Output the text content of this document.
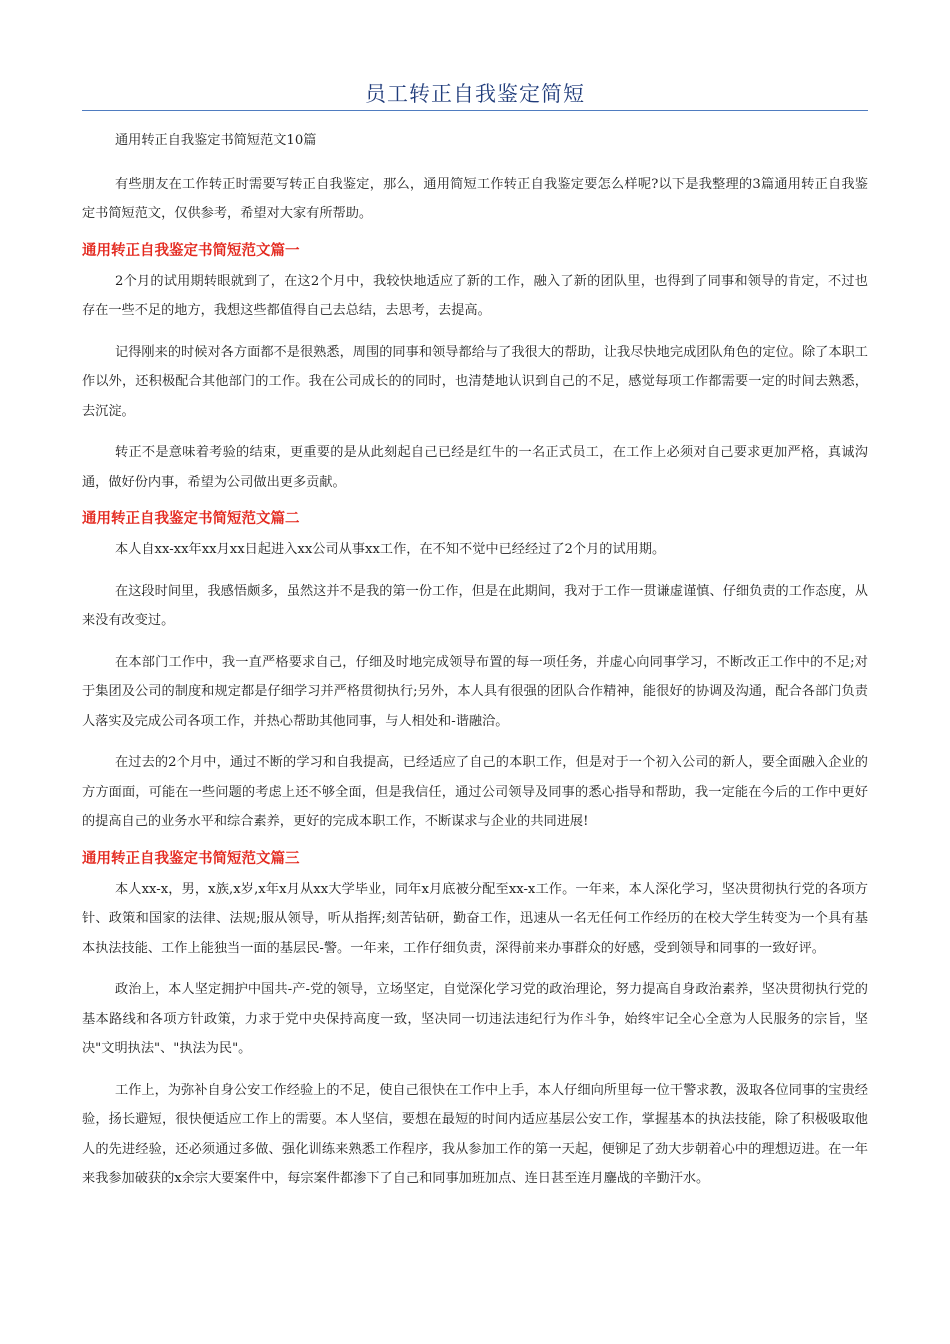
员工转正自我鉴定简短

通用转正自我鉴定书简短范文10篇

有些朋友在工作转正时需要写转正自我鉴定，那么，通用简短工作转正自我鉴定要怎么样呢?以下是我整理的3篇通用转正自我鉴定书简短范文，仅供参考，希望对大家有所帮助。

通用转正自我鉴定书简短范文篇一

2个月的试用期转眼就到了，在这2个月中，我较快地适应了新的工作，融入了新的团队里，也得到了同事和领导的肯定，不过也存在一些不足的地方，我想这些都值得自己去总结，去思考，去提高。

记得刚来的时候对各方面都不是很熟悉，周围的同事和领导都给与了我很大的帮助，让我尽快地完成团队角色的定位。除了本职工作以外，还积极配合其他部门的工作。我在公司成长的的同时，也清楚地认识到自己的不足，感觉每项工作都需要一定的时间去熟悉，去沉淀。

转正不是意味着考验的结束，更重要的是从此刻起自己已经是红牛的一名正式员工，在工作上必须对自己要求更加严格，真诚沟通，做好份内事，希望为公司做出更多贡献。

通用转正自我鉴定书简短范文篇二

本人自xx-xx年xx月xx日起进入xx公司从事xx工作，在不知不觉中已经经过了2个月的试用期。

在这段时间里，我感悟颇多，虽然这并不是我的第一份工作，但是在此期间，我对于工作一贯谦虚谨慎、仔细负责的工作态度，从来没有改变过。

在本部门工作中，我一直严格要求自己，仔细及时地完成领导布置的每一项任务，并虚心向同事学习，不断改正工作中的不足;对于集团及公司的制度和规定都是仔细学习并严格贯彻执行;另外，本人具有很强的团队合作精神，能很好的协调及沟通，配合各部门负责人落实及完成公司各项工作，并热心帮助其他同事，与人相处和-谐融洽。

在过去的2个月中，通过不断的学习和自我提高，已经适应了自己的本职工作，但是对于一个初入公司的新人，要全面融入企业的方方面面，可能在一些问题的考虑上还不够全面，但是我信任，通过公司领导及同事的悉心指导和帮助，我一定能在今后的工作中更好的提高自己的业务水平和综合素养，更好的完成本职工作，不断谋求与企业的共同进展!

通用转正自我鉴定书简短范文篇三

本人xx-x，男，x族,x岁,x年x月从xx大学毕业，同年x月底被分配至xx-x工作。一年来，本人深化学习，坚决贯彻执行党的各项方针、政策和国家的法律、法规;服从领导，听从指挥;刻苦钻研，勤奋工作，迅速从一名无任何工作经历的在校大学生转变为一个具有基本执法技能、工作上能独当一面的基层民-警。一年来，工作仔细负责，深得前来办事群众的好感，受到领导和同事的一致好评。

政治上，本人坚定拥护中国共-产-党的领导，立场坚定，自觉深化学习党的政治理论，努力提高自身政治素养，坚决贯彻执行党的基本路线和各项方针政策，力求于党中央保持高度一致，坚决同一切违法违纪行为作斗争，始终牢记全心全意为人民服务的宗旨，坚决"文明执法"、"执法为民"。

工作上，为弥补自身公安工作经验上的不足，使自己很快在工作中上手，本人仔细向所里每一位干警求教，汲取各位同事的宝贵经验，扬长避短，很快便适应工作上的需要。本人坚信，要想在最短的时间内适应基层公安工作，掌握基本的执法技能，除了积极吸取他人的先进经验，还必须通过多做、强化训练来熟悉工作程序，我从参加工作的第一天起，便铆足了劲大步朝着心中的理想迈进。在一年来我参加破获的x余宗大要案件中，每宗案件都渗下了自己和同事加班加点、连日甚至连月鏖战的辛勤汗水。
